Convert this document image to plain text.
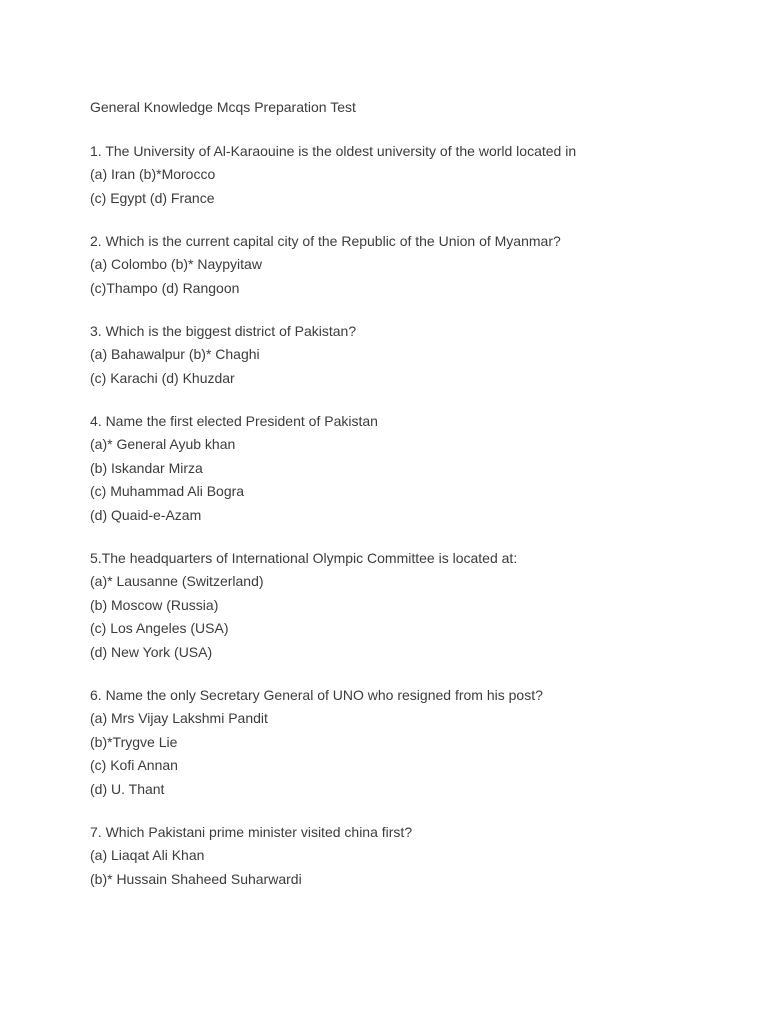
General Knowledge Mcqs Preparation Test
1. The University of Al-Karaouine is the oldest university of the world located in
(a) Iran (b)*Morocco
(c) Egypt (d) France
2. Which is the current capital city of the Republic of the Union of Myanmar?
(a) Colombo (b)* Naypyitaw
(c)Thampo (d) Rangoon
3. Which is the biggest district of Pakistan?
(a) Bahawalpur (b)* Chaghi
(c) Karachi (d) Khuzdar
4. Name the first elected President of Pakistan
(a)* General Ayub khan
(b) Iskandar Mirza
(c) Muhammad Ali Bogra
(d) Quaid-e-Azam
5.The headquarters of International Olympic Committee is located at:
(a)* Lausanne (Switzerland)
(b) Moscow (Russia)
(c) Los Angeles (USA)
(d) New York (USA)
6. Name the only Secretary General of UNO who resigned from his post?
(a) Mrs Vijay Lakshmi Pandit
(b)*Trygve Lie
(c) Kofi Annan
(d) U. Thant
7. Which Pakistani prime minister visited china first?
(a) Liaqat Ali Khan
(b)* Hussain Shaheed Suharwardi
